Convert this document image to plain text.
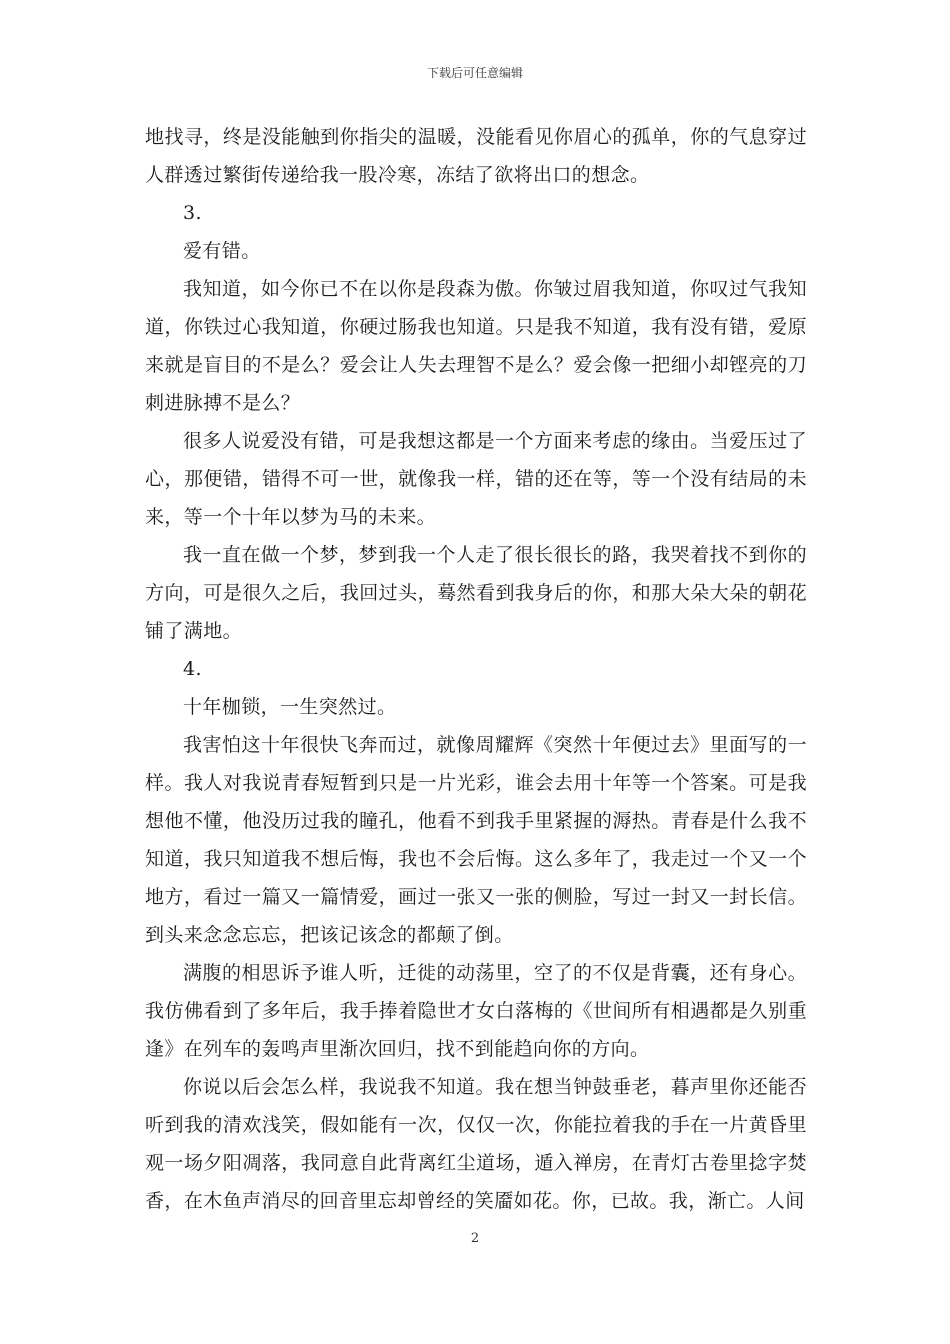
下载后可任意编辑

地找寻，终是没能触到你指尖的温暖，没能看见你眉心的孤单，你的气息穿过人群透过繁街传递给我一股冷寒，冻结了欲将出口的想念。

3.

爱有错。

我知道，如今你已不在以你是段森为傲。你皱过眉我知道，你叹过气我知道，你铁过心我知道，你硬过肠我也知道。只是我不知道，我有没有错，爱原来就是盲目的不是么？爱会让人失去理智不是么？爱会像一把细小却铿亮的刀刺进脉搏不是么？

很多人说爱没有错，可是我想这都是一个方面来考虑的缘由。当爱压过了心，那便错，错得不可一世，就像我一样，错的还在等，等一个没有结局的未来，等一个十年以梦为马的未来。

我一直在做一个梦，梦到我一个人走了很长很长的路，我哭着找不到你的方向，可是很久之后，我回过头，蓦然看到我身后的你，和那大朵大朵的朝花铺了满地。

4.

十年枷锁，一生突然过。

我害怕这十年很快飞奔而过，就像周耀辉《突然十年便过去》里面写的一样。我人对我说青春短暂到只是一片光彩，谁会去用十年等一个答案。可是我想他不懂，他没历过我的瞳孔，他看不到我手里紧握的溽热。青春是什么我不知道，我只知道我不想后悔，我也不会后悔。这么多年了，我走过一个又一个地方，看过一篇又一篇情爱，画过一张又一张的侧脸，写过一封又一封长信。到头来念念忘忘，把该记该念的都颠了倒。

满腹的相思诉予谁人听，迁徙的动荡里，空了的不仅是背囊，还有身心。我仿佛看到了多年后，我手捧着隐世才女白落梅的《世间所有相遇都是久别重逢》在列车的轰鸣声里渐次回归，找不到能趋向你的方向。

你说以后会怎么样，我说我不知道。我在想当钟鼓垂老，暮声里你还能否听到我的清欢浅笑，假如能有一次，仅仅一次，你能拉着我的手在一片黄昏里观一场夕阳凋落，我同意自此背离红尘道场，遁入禅房，在青灯古卷里捻字焚香，在木鱼声消尽的回音里忘却曾经的笑靥如花。你，已故。我，渐亡。人间

2
